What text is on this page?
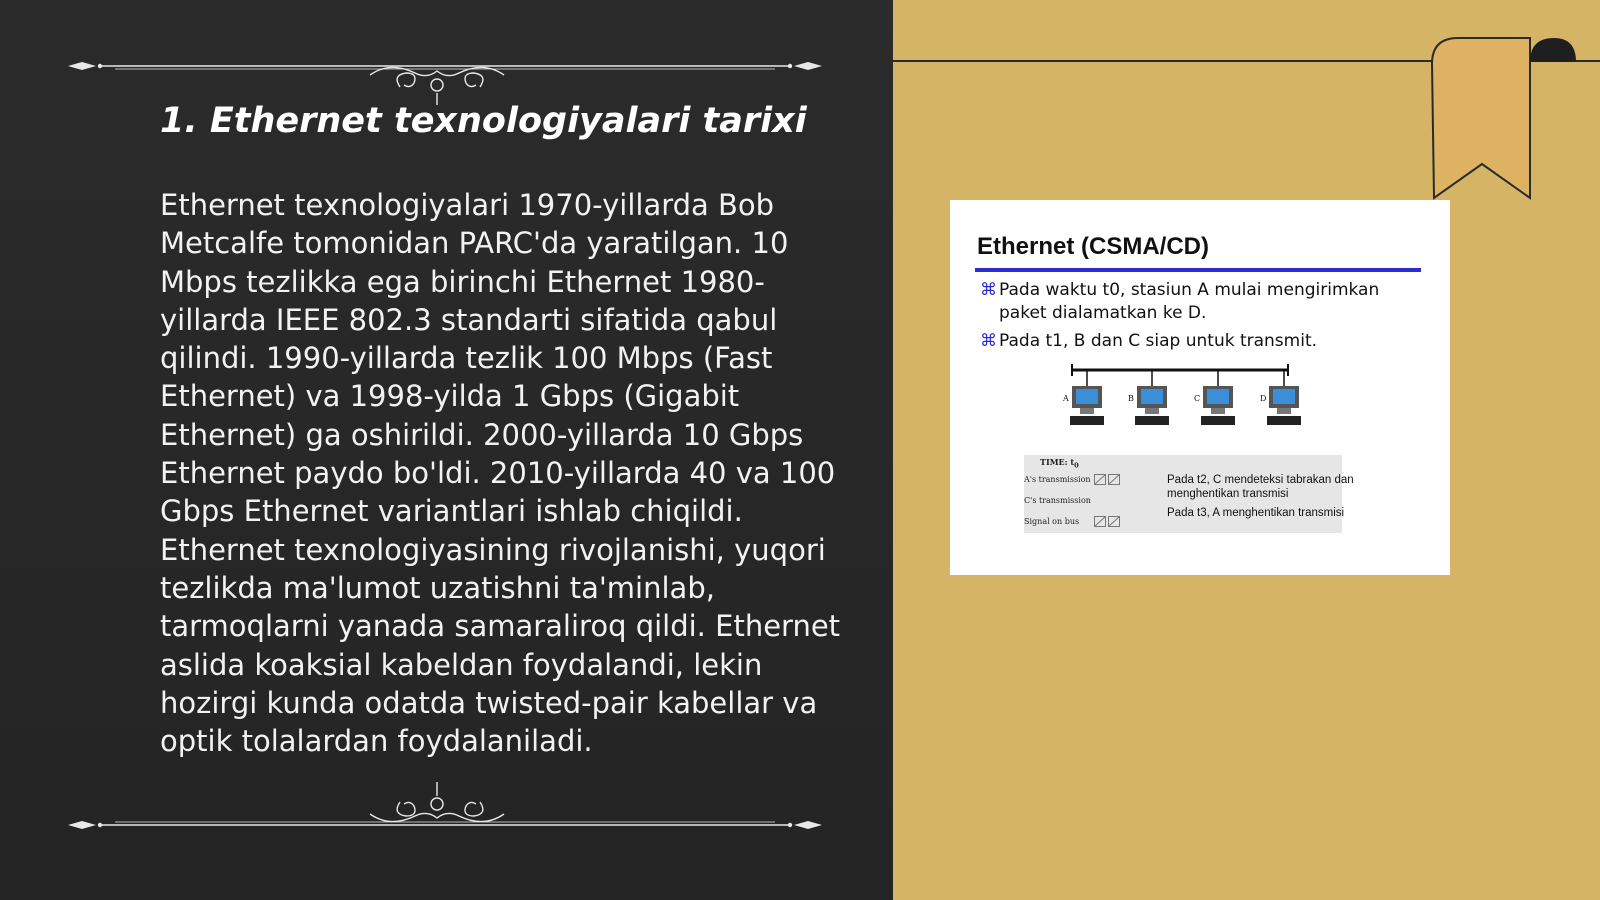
1. Ethernet texnologiyalari tarixi

Ethernet texnologiyalari 1970-yillarda Bob Metcalfe tomonidan PARC'da yaratilgan. 10 Mbps tezlikka ega birinchi Ethernet 1980-yillarda IEEE 802.3 standarti sifatida qabul qilindi. 1990-yillarda tezlik 100 Mbps (Fast Ethernet) va 1998-yilda 1 Gbps (Gigabit Ethernet) ga oshirildi. 2000-yillarda 10 Gbps Ethernet paydo bo'ldi. 2010-yillarda 40 va 100 Gbps Ethernet variantlari ishlab chiqildi. Ethernet texnologiyasining rivojlanishi, yuqori tezlikda ma'lumot uzatishni ta'minlab, tarmoqlarni yanada samaraliroq qildi. Ethernet aslida koaksial kabeldan foydalandi, lekin hozirgi kunda odatda twisted-pair kabellar va optik tolalardan foydalaniladi.

Ethernet (CSMA/CD)
⌘ Pada waktu t0, stasiun A mulai mengirimkan paket dialamatkan ke D.
⌘ Pada t1, B dan C siap untuk transmit.
A	B	C	D
TIME: $t_0$
A's transmission
C's transmission
Signal on bus
Pada t2, C mendeteksi tabrakan dan menghentikan transmisi
Pada t3, A menghentikan transmisi
